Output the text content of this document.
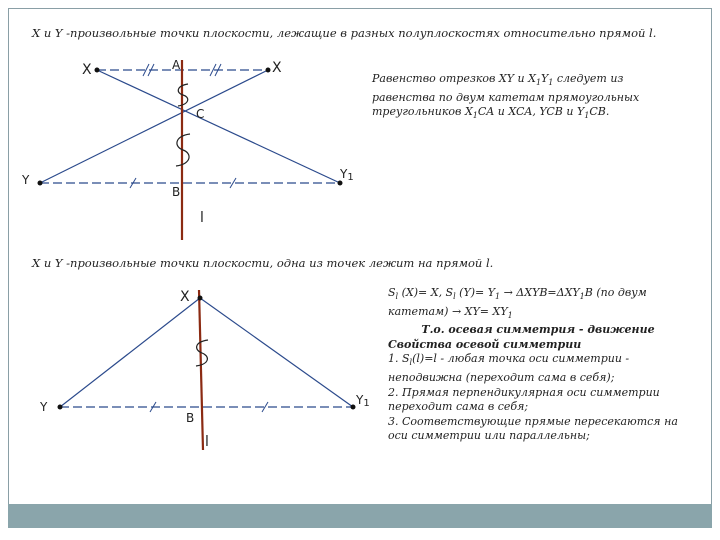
X и Y -произвольные точки плоскости, лежащие в разных полуплоскостях относительно прямой l.
X и Y -произвольные точки плоскости, одна из точек лежит на прямой l.
X	X
A
C
Y	Y1
B
l
X
Y	Y1
B
l
Равенство отрезков XY и $X_1Y_1$ следует из равенства по двум катетам прямоугольных треугольников $X_1CA$ и XCA, YCB и $Y_1CB$.
$S_l$ (X)= X, $S_l$ $(Y)= Y_1 \to \Delta XYB=\Delta XY_1B$ (по двум катетам) → $XY= XY_1$
Т.о. осевая симметрия - движение
Свойства осевой симметрии
1. $S_l(l)=l$ - любая точка оси симметрии - неподвижна (переходит сама в себя);
2. Прямая перпендикулярная оси симметрии переходит сама в себя;
3. Соответствующие прямые пересекаются на оси симметрии или параллельны;
